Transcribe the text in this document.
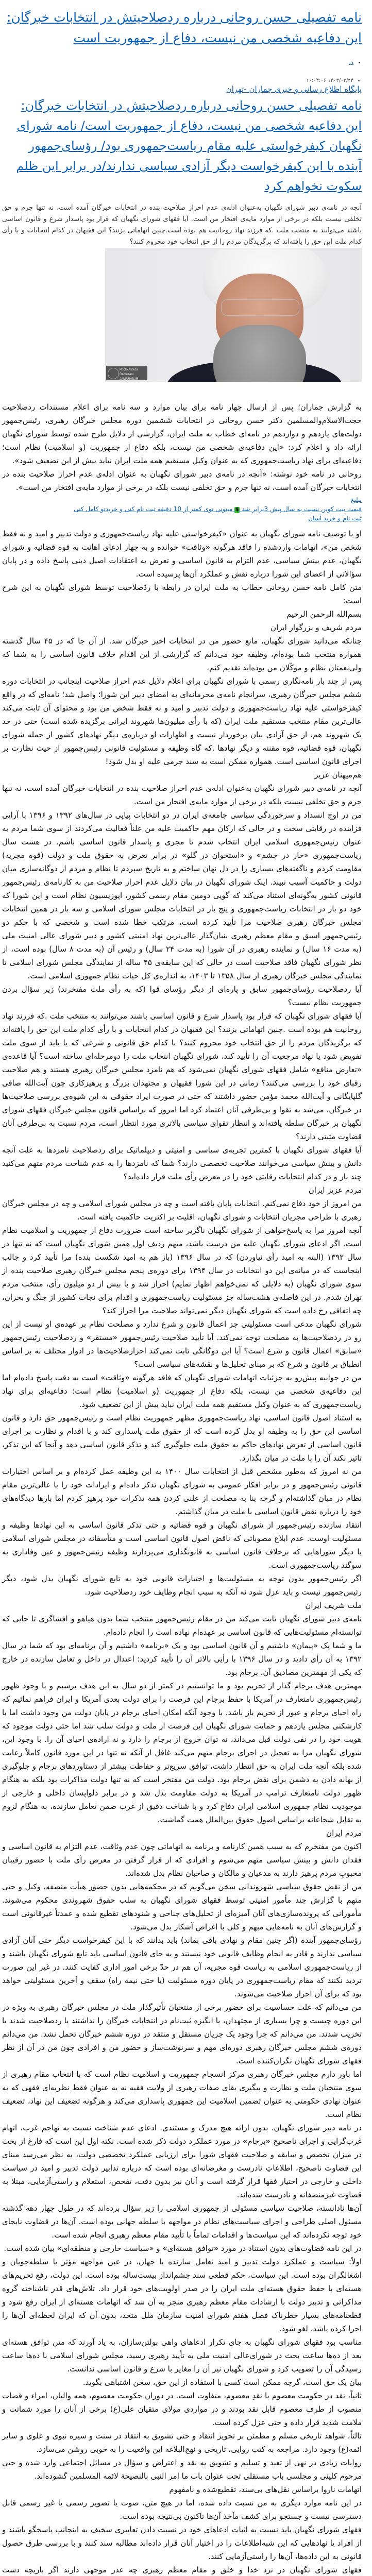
نامه تفصیلی حسن روحانی درباره ردصلاحیتش در انتخابات خبرگان: این دفاعیه شخصی من نیست، دفاع از جمهوریت است
• ن
• ۱۴۰۳/۰۲/۲۴ ۱۰:۰۴:۰۶
پایگاه اطلاع رسانی و خبری جماران -تهران
نامه تفصیلی حسن روحانی درباره ردصلاحیتش در انتخابات خبرگان: این دفاعیه شخصی من نیست، دفاع از جمهوریت است/ نامه شورای نگهبان کیفرخواستی علیه مقام ریاست‌جمهوری بود/ رؤسای‌جمهور آینده با این کیفرخواست دیگر آزادی سیاسی ندارند/در برابر این ظلم سکوت نخواهم کرد

آنچه در نامه‌ی دبیر شورای نگهبان به‌عنوان ادله‌ی عدم احراز صلاحیت بنده در انتخابات خبرگان آمده است، نه تنها جرم و حق تخلفی نیست بلکه در برخی از موارد مایه‌ی افتخار من است. آیا فقهای شورای نگهبان که قرار بود پاسدار شرع و قانون اساسی باشند می‌توانند به منتخب ملت .که فرزند نهاد روحانیت هم بوده است.چنین اتهاماتی بزنند؟ این فقیهان در کدام انتخابات و با رأی کدام ملت این حق را یافته‌اند که برگزیدگان مردم را از حق انتخاب خود محروم کنند؟

Photo:Alireza Ramezani
JAMARAN.IR

به گزارش جماران؛ پس از ارسال چهار نامه برای بیان موارد و سه نامه برای اعلام مستندات ردصلاحیت حجت‌الاسلام‌والمسلمین دکتر حسن روحانی در انتخابات ششمین دوره مجلس خبرگان رهبری، رئیس‌جمهور دولت‌های یازدهم و دوازدهم در نامه‌ای خطاب به ملت ایران، گزارشی از دلایل طرح شده توسط شورای نگهبان ارائه داد و اعلام کرد: «این دفاعیه‌ی شخصی من نیست، بلکه دفاع از جمهوریت (و اسلامیت) نظام است؛ دفاعیه‌ای برای نهاد ریاست‌جمهوری که به عنوان وکیل مستقیم همه ملت ایران نباید بیش از این تضعیف شود».

روحانی در نامه خود نوشته: «آنچه در نامه‌ی دبیر شورای نگهبان به عنوان ادله‌ی عدم احراز صلاحیت بنده در انتخابات خبرگان آمده است، نه تنها جرم و حق تخلفی نیست بلکه در برخی از موارد مایه‌ی افتخار من است».

تبلیغ
قیمت بیت کوین نسبت به سال پیش 3برابر شد $ میتونی توی کمتر از 10 دقیقه ثبت نام کنی و خریدتو کامل کنی
ثبت نام و خرید آسان

او با توصیف نامه شورای نگهبان به عنوان «کیفرخواستی علیه نهاد ریاست‌جمهوری و دولت تدبیر و امید و نه فقط شخص من»، اتهامات واردشده را فاقد هرگونه «وثاقت» خوانده و به چهار ادعای اهانت به قوه قضائیه و شورای نگهبان، عدم بینش سیاسی، عدم التزام به قانون اساسی و تعرض به اعتقادات اصیل دینی پاسخ داده و در پایان سؤالاتی از اعضای این شورا درباره نقش و عملکرد آن‌ها پرسیده است.

متن کامل نامه حسن روحانی خطاب به ملت ایران در رابطه با ردّصلاحیت توسط شورای نگهبان به این شرح است:

بسم‌الله الرحمن الرحیم

مردم شریف و بزرگوار ایران

چنانکه می‌دانید شورای نگهبان، مانع حضور من در انتخابات اخیر خبرگان شد. از آن جا که در ۴۵ سال گذشته همواره منتخب شما بوده‌ام، وظیفه خود می‌دانم که گزارشی از این اقدام خلاف قانون اساسی را به شما که ولی‌نعمتان نظام و موکّلان من بوده‌اید تقدیم کنم.

پس از چند بار نامه‌نگاری رسمی با شورای نگهبان برای اعلام دلایل عدم احراز صلاحیت اینجانب در انتخابات دوره ششم مجلس خبرگان رهبری، سرانجام نامه‌ی محرمانه‌ای به امضای دبیر این شورا؛ واصل شد؛ نامه‌ای که در واقع کیفرخواستی علیه نهاد ریاست‌جمهوری و دولت تدبیر و امید و نه فقط شخص من بود و محتوای آن ثابت می‌کند عالی‌ترین مقام منتخب مستقیم ملت ایران (که با رأی میلیون‌ها شهروند ایرانی برگزیده شده است) حتی در حد یک شهروند هم، از حق آزادی بیان برخوردار نیست و اظهارات او درباره‌ی دیگر نهادهای کشور از جمله شورای نگهبان، قوه قضائیه، قوه مقننه و دیگر نهادها .که گاه وظیفه و مسئولیت قانونی رئیس‌جمهور از حیث نظارت بر اجرای قانون اساسی است. همواره ممکن است به سند جرمی علیه او بدل شود!

هم‌میهنان عزیز

آنچه در نامه‌ی دبیر شورای نگهبان به‌عنوان ادله‌ی عدم احراز صلاحیت بنده در انتخابات خبرگان آمده است، نه تنها جرم و حق تخلفی نیست بلکه در برخی از موارد مایه‌ی افتخار من است.

من در اوج انسداد و سرخوردگی سیاسی جامعه‌ی ایران در دو انتخابات پیاپی در سال‌های ۱۳۹۲ و ۱۳۹۶ با آرایی فزاینده در رقابتی سخت و در حالی که ارکان مهم حاکمیت علیه من علناً فعالیت می‌کردند از سوی شما مردم به عنوان رئیس‌جمهوری اسلامی ایران انتخاب شدم تا مجری و پاسدار قانون اساسی باشم. در هشت سال ریاست‌جمهوری «خار در چشم» و «استخوان در گلو» در برابر تعرض به حقوق ملت و دولت (قوه مجریه) مقاومت کردم و ناگفته‌های بسیاری را در دل نهان ساختم و به تاریخ سپردم تا نظام و مردم از دوگانه‌سازی میان دولت و حاکمیت آسیب نبیند. اینک شورای نگهبان در بیان دلایل عدم احراز صلاحیت من به کارنامه‌ی رئیس‌جمهور قانونی کشور به‌گونه‌ای استناد می‌کند که گویی دومین مقام رسمی کشور، اپوزیسیون نظام است و این شورا که خود دو بار در انتخابات ریاست‌جمهوری و پنج بار در انتخابات مجلس شورای اسلامی و سه بار در همین انتخابات مجلس خبرگان رهبری صلاحیت مرا تأیید کرده است، مرتکب خطا شده است و شخصی که با حکم دو رئیس‌جمهور اسبق و مقام معظم رهبری بنیان‌گذار عالی‌ترین نهاد امنیتی کشور و دبیر شورای عالی امنیت ملی (به مدت ۱۶ سال) و نماینده رهبری در آن شورا (به مدت ۲۴ سال) و رئیس آن (به مدت ۸ سال) بوده است، از نظر شورای نگهبان فاقد صلاحیت است در حالی که این سابقه‌ی ۴۵ ساله از نمایندگی مجلس شورای اسلامی تا نمایندگی مجلس خبرگان رهبری از سال ۱۳۵۸ تا ۱۴۰۳، به اندازه‌ی کل حیات نظام جمهوری اسلامی است.

آیا ردصلاحیت رؤسای‌جمهور سابق و پاره‌ای از دیگر رؤسای قوا (که به رأی ملت مفتخرند) زیر سؤال بردن جمهوریت نظام نیست؟

آیا فقهای شورای نگهبان که قرار بود پاسدار شرع و قانون اساسی باشند می‌توانند به منتخب ملت .که فرزند نهاد روحانیت هم بوده است .چنین اتهاماتی بزنند؟ این فقیهان در کدام انتخابات و با رأی کدام ملت این حق را یافته‌اند که برگزیدگان مردم را از حق انتخاب خود محروم کنند؟ با کدام حق قانونی و شرعی که یا باید از سوی ملت تفویض شود یا نهاد مرجعیت آن را تأیید کند، شورای نگهبان انتخاب ملت را دومرحله‌ای ساخته است؟ آیا قاعده‌ی «تعارض منافع» شامل فقهای شورای نگهبان نمی‌شود که هم نامزد مجلس خبرگان رهبری هستند و هم صلاحیت رقبای خود را بررسی می‌کنند؟ زمانی در این شورا فقیهان و مجتهدان بزرگ و پرهیزکاری چون آیت‌الله صافی گلپایگانی و آیت‌الله محمد مؤمن حضور داشتند که حتی در صورت ایراد حقوقی به این شیوه‌ی بررسی صلاحیت‌ها در خبرگان، می‌شد به تقوا و بی‌طرفی آنان اعتماد کرد اما امروز که براساس قانون مجلس خبرگان فقهای شورای نگهبان بر خبرگان سلطه یافته‌اند و انتظار تقوای سیاسی بالاتری مورد انتظار است، مردم نسبت به بی‌طرفی آنان قضاوت مثبتی دارند؟

آیا فقهای شورای نگهبان با کمترین تجربه‌ی سیاسی و امنیتی و دیپلماتیک برای ردصلاحیت نامزدها به علت آنچه دانش و بینش سیاسی می‌خوانند صلاحیت تخصصی دارند؟ شما که نامزدها را به عدم شناخت مردم متهم می‌کنید چند بار و در کدام انتخابات رقابتی خود را در معرض رأی ملت قرار داده‌اید؟

مردم عزیز ایران

من امروز از خود دفاع نمی‌کنم. انتخابات پایان یافته است و چه در مجلس شورای اسلامی و چه در مجلس خبرگان رهبری با طراحی مجریان انتخابات و شورای نگهبان، اقلیت بر اکثریت حاکمیت یافته است.

آنچه امروز مرا به پاسخ‌خواهی از شورای نگهبان ناگزیر ساخته است ضرورت دفاع از جمهوریت و اسلامیت نظام است. اگر ادعای شورای نگهبان علیه من درست باشد، متهم ردیف اول همین شورای نگهبان است که نه تنها در سال ۱۳۹۲ (البته به امید رأی نیاوردن) که در سال ۱۳۹۶ (باز هم به امید شکست بنده) مرا تأیید کرد و جالب اینجاست که در میانه‌ی این دو انتخابات در سال ۱۳۹۴ برای دوره‌ی پنجم مجلس خبرگان رهبری صلاحیت بنده از سوی شورای نگهبان (به دلایلی که نمی‌خواهم اظهار نمایم) احراز شد و با بیش از دو میلیون رأی، منتخب مردم تهران شدم. در این فاصله‌ی هشت‌ساله جز مسئولیت ریاست‌جمهوری و اقدام برای نجات کشور از جنگ و بحران، چه اتفاقی رخ داده است که شورای نگهبان دیگر نمی‌تواند صلاحیت مرا احراز کند؟

شورای نگهبان مدعی است مسئولیتی جز اعمال قانون و شرع ندارد و مصلحت نظام بر عهده‌ی او نیست از این رو در ردصلاحیت‌ها به مصلحت توجه نمی‌کند. آیا تأیید صلاحیت رئیس‌جمهور «مستقر» و ردصلاحیت رئیس‌جمهور «سابق» اعمال قانون و شرع است؟ آیا این دوگانگی ثابت نمی‌کند احرازصلاحیت‌ها در ادوار مختلف نه بر اساس انطباق بر قانون و شرع که بر مبنای تحلیل‌ها و نقشه‌های سیاسی است؟

من در جوابیه پیش‌رو به جزئیات اتهامات شورای نگهبان که فاقد هرگونه «وثاقت» است به دقت پاسخ داده‌ام اما این دفاعیه‌ی شخصی من نیست، بلکه دفاع از جمهوریت (و اسلامیت) نظام است؛ دفاعیه‌ای برای نهاد ریاست‌جمهوری که به عنوان وکیل مستقیم همه ملت ایران نباید بیش از این تضعیف شود.

به استناد اصول قانون اساسی، نهاد ریاست‌جمهوری مظهر جمهوریت نظام است و رئیس‌جمهور حق دارد و قانون اساسی این حق را به وظیفه او بدل کرده است که از حقوق ملت پاسداری کند و با اقدام و نظارت بر اجرای قانون اساسی از تعرض نهادهای حاکم به حقوق ملت جلوگیری کند و تذکر قانون اساسی دهد و آنجا که این تذکر، تاثیر نکند آن را با ملت در میان بگذارد.

من نه امروز که به‌طور مشخص قبل از انتخابات سال ۱۴۰۰ به این وظیفه عمل کرده‌ام و بر اساس اختیارات قانونی رئیس‌جمهور و در برابر افکار عمومی به شورای نگهبان تذکر داده‌ام و ایرادات خود را با عالی‌ترین مقام نظام در میان گذاشته‌ام و گرچه بنا به مصلحت از علنی کردن همه تذکرات خود پرهیز کردم اما بارها دیدگاه‌های خود را درباره نقض قانون اساسی با ملت در میان گذاشتم.

انتقاد سازنده رئیس‌جمهور از شورای نگهبان و قوه قضائیه و حتی تذکر قانون اساسی به این نهادها وظیفه و مسئولیت اوست. عدم ابلاغ مصوباتی که ناقض اصول قانون اساسی است و متأسفانه در مجلس شورای اسلامی یا دیگر شوراهایی که برخلاف قانون اساسی به قانونگذاری می‌پردازند وظیفه رئیس‌جمهور و عین وفاداری به سوگند ریاست‌جمهوری است.

اگر رئیس‌جمهور بدون توجه به مسئولیت‌ها و اختیارات قانونی خود به تابع شورای نگهبان بدل شود، دیگر رئیس‌جمهور نیست و باید عزل شود نه آنکه به سبب انجام وظایف خود ردصلاحیت شود.

ملت شریف ایران

نامه‌ی دبیر شورای نگهبان ثابت می‌کند من در مقام رئیس‌جمهور منتخب شما بدون هیاهو و افشاگری تا جایی که توانسته‌ام مسئولیت‌هایی که قانون اساسی بر عهده‌ام نهاده است را انجام داده‌ام.

ما و شما یک «پیمان» داشتیم و آن قانون اساسی بود و یک «برنامه» داشتیم و آن برنامه‌ای بود که شما در سال ۱۳۹۲ به آن رأی دادید و در سال ۱۳۹۶ با رأیی بالاتر آن را تأیید کردید: اعتدال در داخل و تعامل سازنده در خارج که یکی از مهمترین مصادیق آن، برجام بود.

مهمترین هدف برجام گذار از تحریم بود و ما توانستیم در کمتر از دو سال به این هدف برسیم و با وجود ظهور رئیس‌جمهوری نامتعارف در آمریکا با حفظ برجام این فرصت را برای دولت بعدی آمریکا و ایران فراهم نمائیم که راه احیای برجام و عبور از تحریم باز باشد. با وجود آنکه امکان احیای برجام در پایان دولت من وجود داشت اما با کارشکنی مجلس یازدهم و حمایت شورای نگهبان این فرصت از ملت و دولت سلب شد اما حتی دولت موجود که هویت خود را در نفی دولت قبل می‌داند، نه توان خروج از برجام را دارد و نه اراده‌ی احیای آن را. با وجود این، شورای نگهبان مرا به تعجیل در اجرای برجام متهم می‌کند غافل از آنکه نه تنها در این مورد قانون کاملاً رعایت شده بلکه آنچه ملت ایران به حق انتظار داشت، توافق سریع‌تر و حفاظت بیشتر از دستاوردهای برجام و جلوگیری از بهانه دادن به دشمن برای نقض برجام بود. دولت من مفتخر است که نه تنها دولت مذاکرات بود بلکه به هنگام ظهور دولت نامتعارف ترامپ در آمریکا به دولت مقاومت بدل شد و در برابر دلواپسان داخلی و خارجی از موجودیت نظام جمهوری اسلامی ایران دفاع کرد و با شناخت دقیق از غرب ضمن تعامل سازنده، به هنگام لزوم به تقابل شجاعانه براساس اصول حقوق بین‌الملل همت گماشت.

مردم ایران

اکنون من مفتخرم که به سبب همین کارنامه و برنامه به اتهاماتی چون عدم وثاقت، عدم التزام به قانون اساسی و فقدان دانش و بینش سیاسی متهم می‌شوم و افرادی که از قرار گرفتن در معرض رأی ملت با حضور رقیبان محبوبِ مردم پرهیز دارند به مدعیان و مالکان و صاحبان نظام بدل شده‌اند.

من از نقض حقوق سیاسی شهروندانی سخن می‌گویم که در محکمه‌هایی بدون حضور هیأت منصفه، وکیل و حتی متهم با گزارش چند مأمور امنیتی توسط فقهای شورای نگهبان به سلب حقوق شهروندی محکوم می‌شوند. مأمورانی که پرونده‌سازی‌های آنان آمیزه‌ای از تحلیل‌های جناحی و شنودهای تقطیع شده و عمدتاً غیرقانونی است و گزارش‌های آنان به نامه‌هایی مبهم و کلی با اغراض آشکار بدل می‌شود.

رؤسای‌جمهور آینده (اگر چنین مقام و نهادی باقی بماند) باید بدانند که با این کیفرخواست دیگر حتی آنان آزادی سیاسی ندارند و قادر به انجام وظایف قانونی خود نیستند و به جای قانون اساسی باید تابع شورای نگهبان باشند و از ریاست‌جمهوری اسلامی به ریاست قوه مجریه، آن هم در حدّ برخی امور اداری کفایت کنند. در غیر این صورت تردید نکنند که مقام ریاست‌جمهوری در پایان دوره مسئولیت (یا حتی نیمه راه) سقف و آخرین مسئولیتی خواهد بود که برای آن احراز صلاحیت می‌شوند.

من می‌دانم که علت حساسیت برای حضور برخی از منتخبان تأثیرگذار ملت در مجلس خبرگان رهبری به ویژه در این دوره چیست و چرا بسیاری از مجتهدان، یا انگیزه ثبت‌نام در انتخابات خبرگان را نداشتند یا ردصلاحیت شدند یا تخریب شدند. من می‌دانم که چرا وجود یک جریان مستقل و منتقد در دوره ششم خبرگان تحمل نشد. من می‌دانم دوره‌ی ششم مجلس خبرگان رهبری دوره‌ای مهم و سرنوشت‌ساز و حضور من و افرادی چون من در آن از نظر فقهای شورای نگهبان نگران‌کننده است.

اما باور دارم مجلس خبرگان رهبری مرکز انسجام جمهوریت و اسلامیت نظام است که با انتخاب مقام رهبری از سوی منتخبان ملت و نظارت و پیگیری بقای صفات رهبری از ولایت فقیه نه به عنوان فقط نظریه‌ای فقهی که به عنوان نهادی حکومتی به عنوان تضمین اسلامیت این جمهوری پاسداری می‌کند و هرگونه تضعیف این نهاد، تضعیف نظام است.

در نامه دبیر شورای نگهبان. بدون ارائه هیچ مدرک و مستندی. ادعای عدم شناخت نسبت به تهاجم غرب، اتهام غرب‌گرایی و اجرای ناصحیح «برجام» در مورد عملکرد دولت ذکر شده است. نکته اول این است که فارغ از بحث در میزان تخصص و سابقه و صلاحیت فقهای شورا برای ارزیابی عملکرد تخصصی دولت، به نظر می‌رسد مبنای این قضاوت ناصحیح، اطلاعاتِ نادرست و مغرضانه‌ای بوده است که درباره تدابیر دولت تدبیر و امید در سیاست داخلی و خارجی در اختیار فقها قرار گرفته است و آنان نیز بدون دقت، تفحص، استعلام و راستی‌آزمایی، مبتلا به قضاوت غیرمنصفانه و نادرست شده‌اند.

آن‌ها نادانسته، صلاحیت سیاسی مسئولی از جمهوری اسلامی را زیر سؤال برده‌اند که در طول چهار دهه گذشته مسئول اصلی طراحی و اجرای سیاست‌های نظام در مواجهه با سلطه جهانی بوده است. آن‌ها در قضاوت نابجای خود توجه نکرده‌اند که این سیاست‌ها و اقدامات تماماً با تأیید مقام معظم رهبری انجام شده است.

در این نامه قضاوت‌های بدون استناد در مورد «توافق هسته‌ای» و «سیاست خارجی و منطقه‌ای» بیان شده است.

اولاً: سیاست و عملکرد دولت تدبیر و امید تعامل سازنده با جهان، در عین مواجهه مؤثر با سلطه‌جویان و اشغالگران بوده است. این سیاست، حکم قطعی سند چشم‌انداز بیست‌ساله بوده است. این دولت، رفع تحریم‌های هسته‌ای با حفظ حقوق هسته‌ای ملت ایران را در صدر اولویت‌های خود قرار داد. تلاش‌های قدر ناشناخته گروه مذاکراتی و تدبیر دولت با ارشادات مقام معظم رهبری منجر به آن شد که اتهامات هسته‌ای از ایران رفع شود و قطعنامه‌های بسیار خطرناک فصل هفتم شورای امنیت سازمان ملل متحد، بدون آن که ایران لحظه‌ای آن‌ها را اجرا کرده باشد، لغو شود.

مناسب بود فقهای شورای نگهبان به جای تکرار ادعاهای واهی بولتن‌سازان، به یاد آورند که متن توافق هسته‌ای بعد از ده‌ها ساعت بحث در شورای‌عالی امنیت ملی به تأیید رهبری رسید، مجلس شورای اسلامی با ده‌ها ساعت رسیدگی آن را تصویب کرد و شورای نگهبان نیز آن را مغایر با شرع و قانون اساسی ندانست.

بیان یک حق است، گرچه ممکن است کسی با استفاده از این حق، سخن اشتباهی بگوید.

ثانیاً، نقد در حکومت معصوم با نقدِ معصوم، متفاوت است. در دوران حکومت معصوم، همه والیان، امراء و قضات منصوب از طرفِ معصوم قابل نقد بودند و در مواردی مولای متقیان علی(ع) برخی از آنان را مورد شماتت و ملامت شدید قرار داده و حتی عزل کرده است.

ثالثاً، شواهد تاریخی مسلم و مطمئن بر تجویز انتقاد و حتی تشویق به انتقاد در سنت و سیره نبوی و علوی و سایر ائمه(ع) وجود دارد. مراجعه به کتب روایی، تاریخی و نهج‌البلاغه این واقعیت را به خوبی روشن می‌سازد.

روایات زیادی در نهی از تعبد و تسلیم و تشویق به نقد و اعتراض و سؤال در مسائل اجتماعی وارد شده و حتی مرحوم کلینی و مجلسی باب مستقلی تحت عنوان باب ما امر النبی بالنصیحة لائمه المسلمین گشوده‌اند.

اتهامات ناروا براساس نقل‌های بی‌سند، تقطیع‌شده و نامفهوم

در این نامه موارد دیگری به من نسبت داده شده، اما در هیچ متن، صوت یا تصویر رسمی یا غیر رسمی قابل دسترسی نیست و جستجو برای کشف مآخذ آن‌ها تاکنون بی‌نتیجه بوده است.

فقهای شورای نگهبان باید نسبت به اثبات ادعاهای خود در نسبت دادن تعابیری سخیف به اینجانب پاسخگو باشند و از افراد یا نهادهایی که این شبه‌اطلاعات را در اختیار آنان قرار داده‌اند مطالبه سند کنند و با بررسی طرق حصول قانونی به این داده‌ها، آن‌ها را راستی‌آزمایی کنند.

فقهای شورای نگهبان در نزد خدا و خلق و مقام معظم رهبری چه عذر موجهی دارند اگر بازیچه دست
